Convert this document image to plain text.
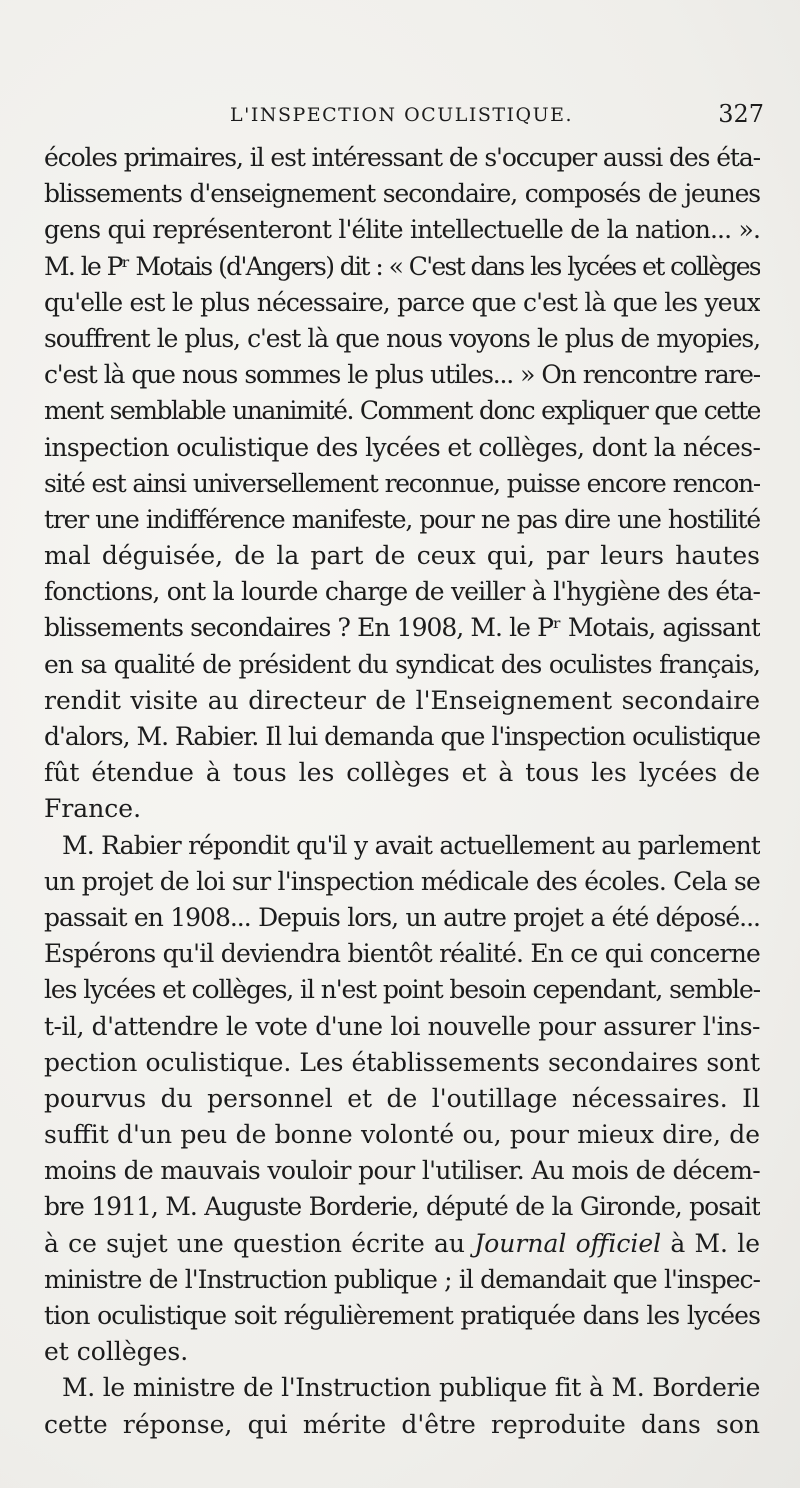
L'INSPECTION OCULISTIQUE.	327
écoles primaires, il est intéressant de s'occuper aussi des éta-
blissements d'enseignement secondaire, composés de jeunes
gens qui représenteront l'élite intellectuelle de la nation... ».
M. le Pʳ Motais (d'Angers) dit : « C'est dans les lycées et collèges
qu'elle est le plus nécessaire, parce que c'est là que les yeux
souffrent le plus, c'est là que nous voyons le plus de myopies,
c'est là que nous sommes le plus utiles... » On rencontre rare-
ment semblable unanimité. Comment donc expliquer que cette
inspection oculistique des lycées et collèges, dont la néces-
sité est ainsi universellement reconnue, puisse encore rencon-
trer une indifférence manifeste, pour ne pas dire une hostilité
mal déguisée, de la part de ceux qui, par leurs hautes
fonctions, ont la lourde charge de veiller à l'hygiène des éta-
blissements secondaires ? En 1908, M. le Pʳ Motais, agissant
en sa qualité de président du syndicat des oculistes français,
rendit visite au directeur de l'Enseignement secondaire
d'alors, M. Rabier. Il lui demanda que l'inspection oculistique
fût étendue à tous les collèges et à tous les lycées de
France.
M. Rabier répondit qu'il y avait actuellement au parlement
un projet de loi sur l'inspection médicale des écoles. Cela se
passait en 1908... Depuis lors, un autre projet a été déposé...
Espérons qu'il deviendra bientôt réalité. En ce qui concerne
les lycées et collèges, il n'est point besoin cependant, semble-
t-il, d'attendre le vote d'une loi nouvelle pour assurer l'ins-
pection oculistique. Les établissements secondaires sont
pourvus du personnel et de l'outillage nécessaires. Il
suffit d'un peu de bonne volonté ou, pour mieux dire, de
moins de mauvais vouloir pour l'utiliser. Au mois de décem-
bre 1911, M. Auguste Borderie, député de la Gironde, posait
à ce sujet une question écrite au Journal officiel à M. le
ministre de l'Instruction publique ; il demandait que l'inspec-
tion oculistique soit régulièrement pratiquée dans les lycées
et collèges.
M. le ministre de l'Instruction publique fit à M. Borderie
cette réponse, qui mérite d'être reproduite dans son
